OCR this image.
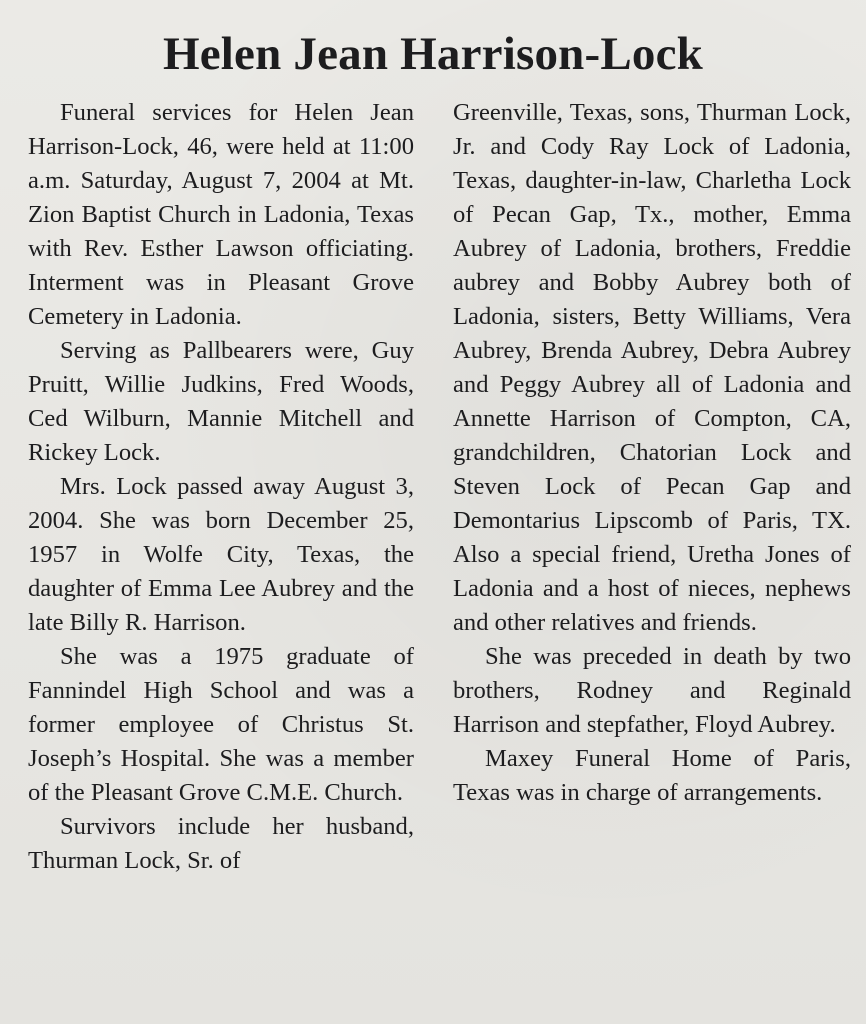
Helen Jean Harrison-Lock

Funeral services for Helen Jean Harrison-Lock, 46, were held at 11:00 a.m. Saturday, August 7, 2004 at Mt. Zion Baptist Church in Ladonia, Texas with Rev. Esther Lawson officiating. Interment was in Pleasant Grove Cemetery in Ladonia.

Serving as Pallbearers were, Guy Pruitt, Willie Judkins, Fred Woods, Ced Wilburn, Mannie Mitchell and Rickey Lock.

Mrs. Lock passed away August 3, 2004. She was born December 25, 1957 in Wolfe City, Texas, the daughter of Emma Lee Aubrey and the late Billy R. Harrison.

She was a 1975 graduate of Fannindel High School and was a former employee of Christus St. Joseph’s Hospital. She was a member of the Pleasant Grove C.M.E. Church.

Survivors include her husband, Thurman Lock, Sr. of

Greenville, Texas, sons, Thurman Lock, Jr. and Cody Ray Lock of Ladonia, Texas, daughter-in-law, Charletha Lock of Pecan Gap, Tx., mother, Emma Aubrey of Ladonia, brothers, Freddie aubrey and Bobby Aubrey both of Ladonia, sisters, Betty Williams, Vera Aubrey, Brenda Aubrey, Debra Aubrey and Peggy Aubrey all of Ladonia and Annette Harrison of Compton, CA, grandchildren, Chatorian Lock and Steven Lock of Pecan Gap and Demontarius Lipscomb of Paris, TX. Also a special friend, Uretha Jones of Ladonia and a host of nieces, nephews and other relatives and friends.

She was preceded in death by two brothers, Rodney and Reginald Harrison and stepfather, Floyd Aubrey.

Maxey Funeral Home of Paris, Texas was in charge of arrangements.
